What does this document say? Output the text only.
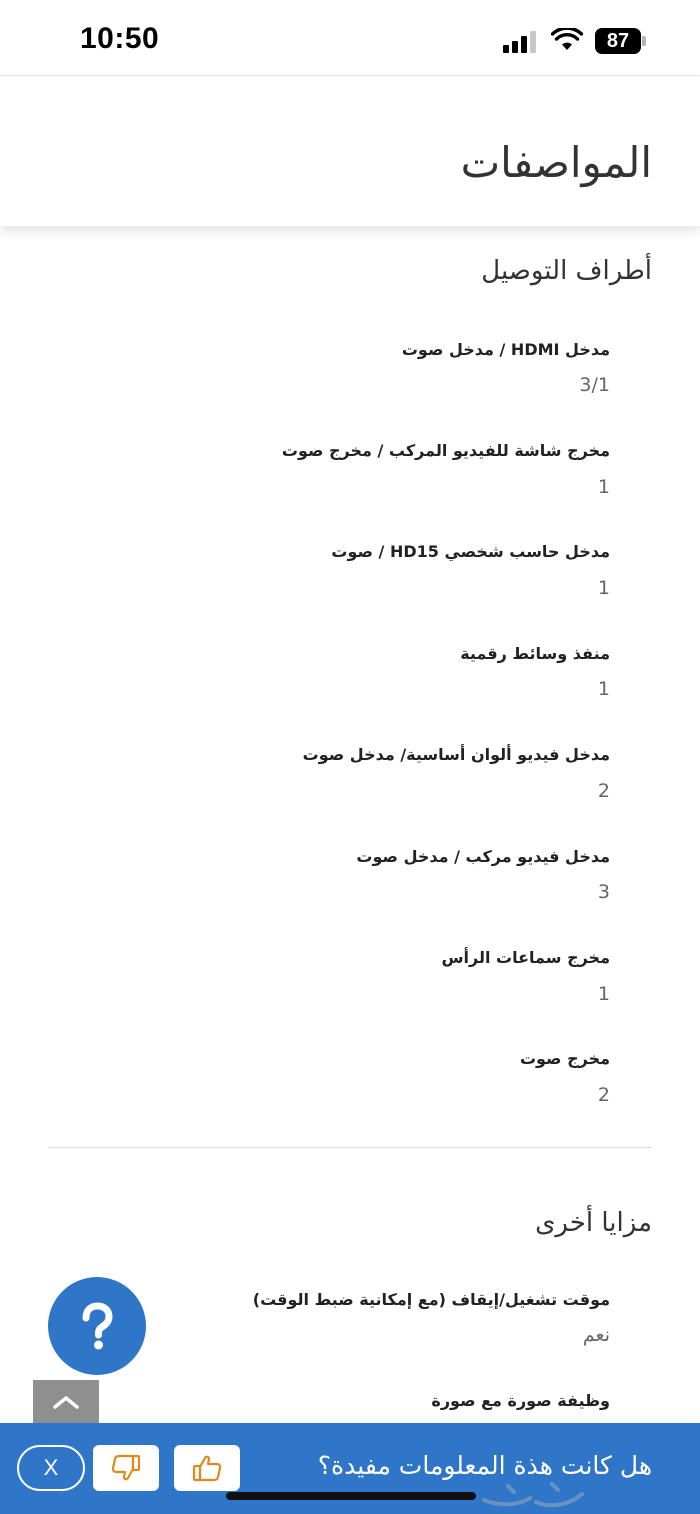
10:50	87
المواصفات
أطراف التوصيل
مدخل HDMI / مدخل صوت
3/1
مخرج شاشة للفيديو المركب / مخرج صوت
1
مدخل حاسب شخصي HD15 / صوت
1
منفذ وسائط رقمية
1
مدخل فيديو ألوان أساسية/ مدخل صوت
2
مدخل فيديو مركب / مدخل صوت
3
مخرج سماعات الرأس
1
مخرج صوت
2
مزايا أخرى
موقت تشغيل/إيقاف (مع إمكانية ضبط الوقت)
نعم
وظيفة صورة مع صورة
هل كانت هذة المعلومات مفيدة؟
X
